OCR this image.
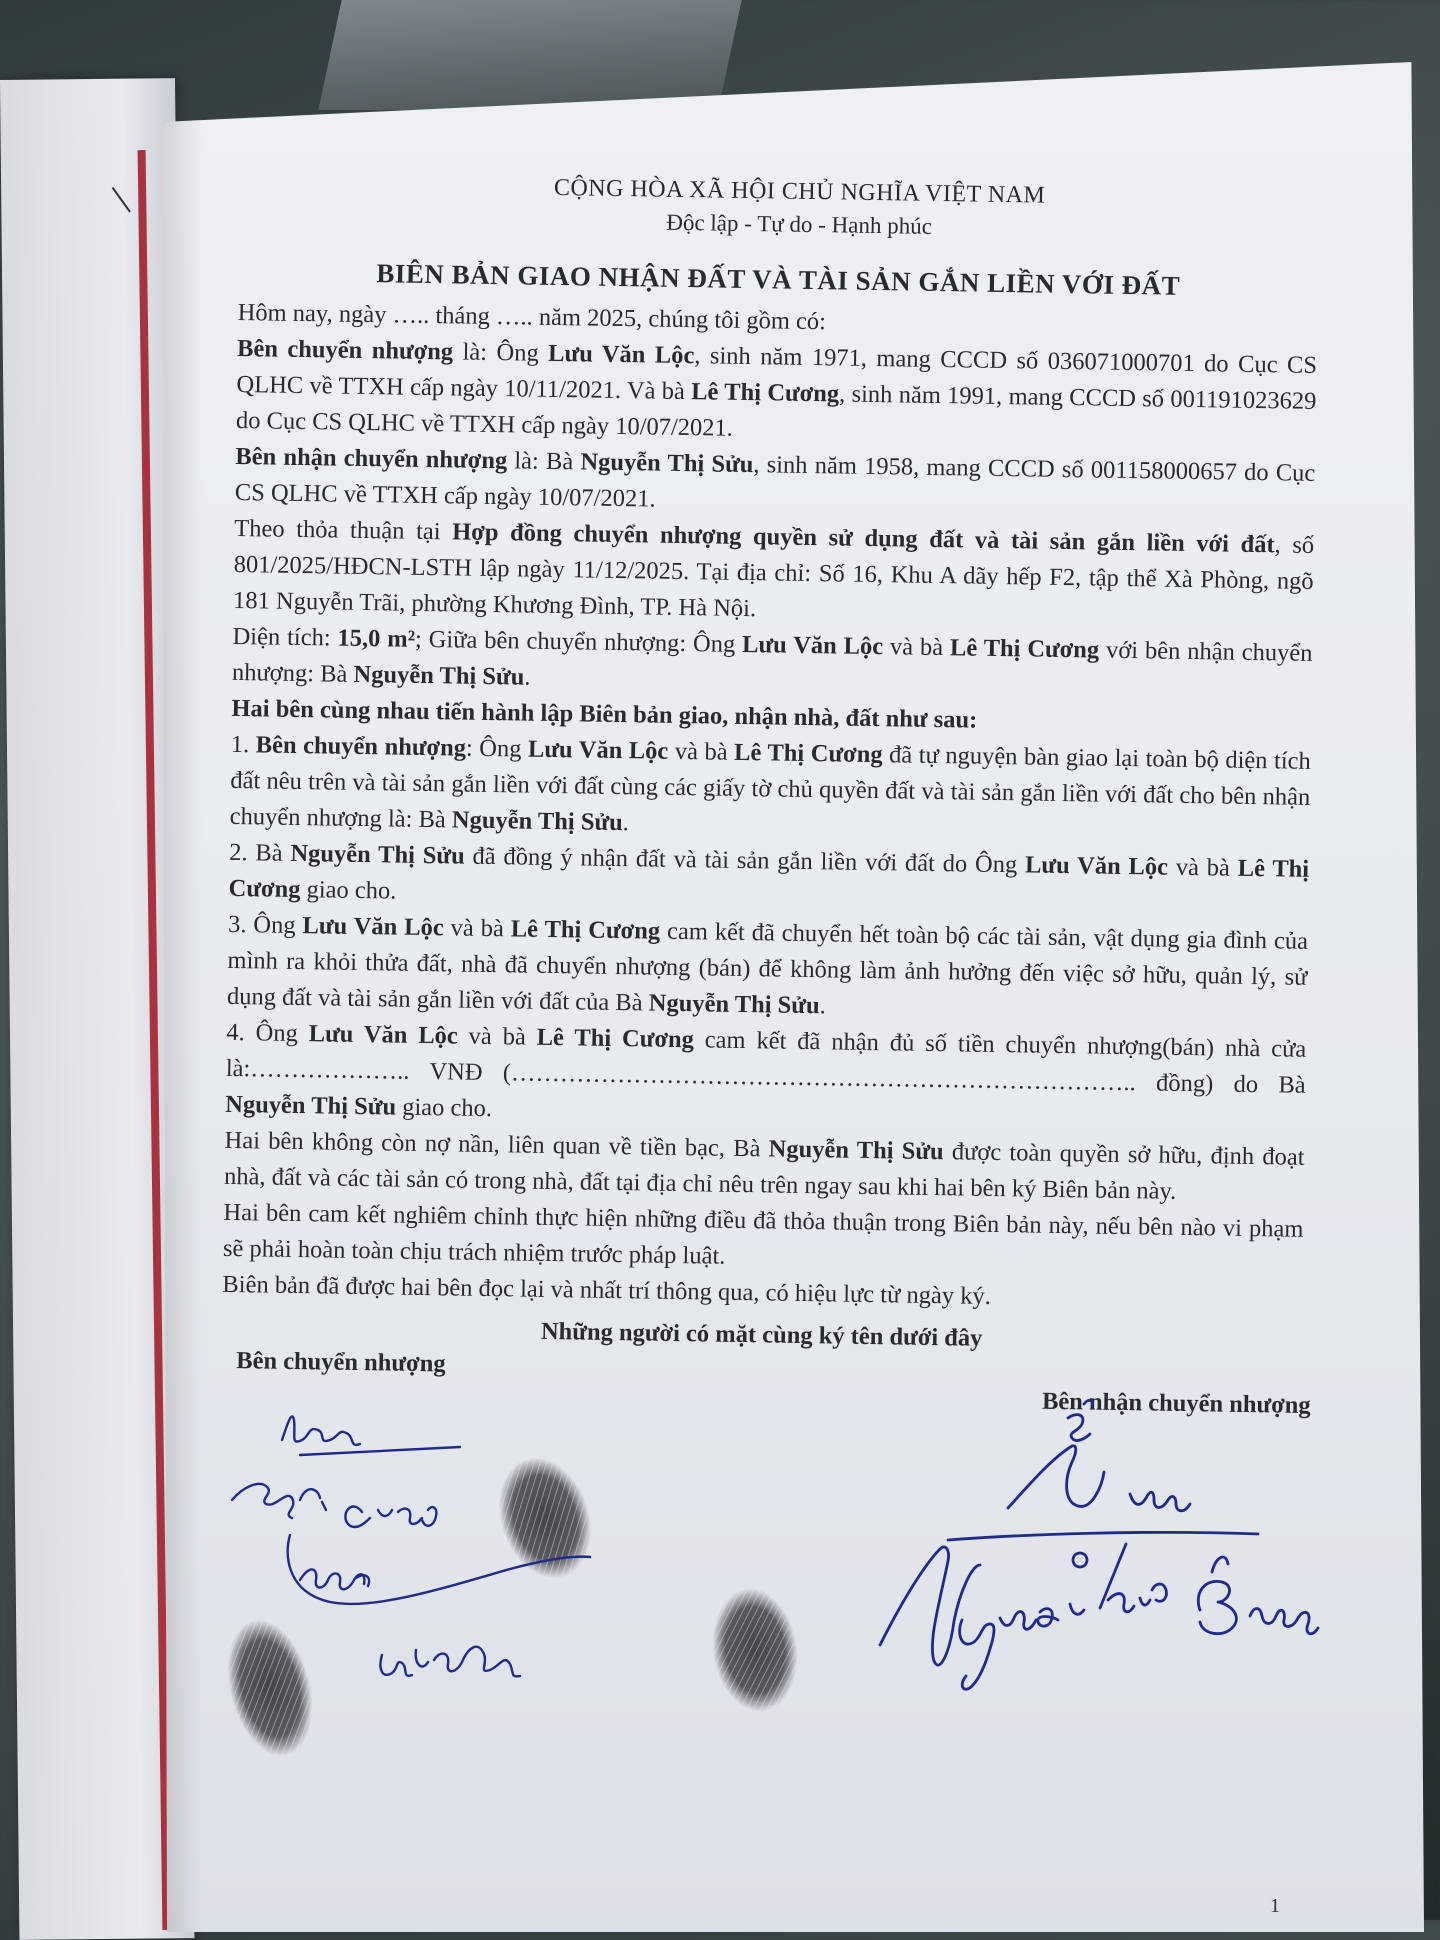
CỘNG HÒA XÃ HỘI CHỦ NGHĨA VIỆT NAM
Độc lập - Tự do - Hạnh phúc
BIÊN BẢN GIAO NHẬN ĐẤT VÀ TÀI SẢN GẮN LIỀN VỚI ĐẤT

Hôm nay, ngày ….. tháng ….. năm 2025, chúng tôi gồm có:

Bên chuyển nhượng là: Ông Lưu Văn Lộc, sinh năm 1971, mang CCCD số 036071000701 do Cục CS QLHC về TTXH cấp ngày 10/11/2021. Và bà Lê Thị Cương, sinh năm 1991, mang CCCD số 001191023629 do Cục CS QLHC về TTXH cấp ngày 10/07/2021.

Bên nhận chuyển nhượng là: Bà Nguyễn Thị Sửu, sinh năm 1958, mang CCCD số 001158000657 do Cục CS QLHC về TTXH cấp ngày 10/07/2021.

Theo thỏa thuận tại Hợp đồng chuyển nhượng quyền sử dụng đất và tài sản gắn liền với đất, số 801/2025/HĐCN-LSTH lập ngày 11/12/2025. Tại địa chỉ: Số 16, Khu A dãy hếp F2, tập thể Xà Phòng, ngõ 181 Nguyễn Trãi, phường Khương Đình, TP. Hà Nội.

Diện tích: 15,0 m²; Giữa bên chuyển nhượng: Ông Lưu Văn Lộc và bà Lê Thị Cương với bên nhận chuyển nhượng: Bà Nguyễn Thị Sửu.

Hai bên cùng nhau tiến hành lập Biên bản giao, nhận nhà, đất như sau:

1. Bên chuyển nhượng: Ông Lưu Văn Lộc và bà Lê Thị Cương đã tự nguyện bàn giao lại toàn bộ diện tích đất nêu trên và tài sản gắn liền với đất cùng các giấy tờ chủ quyền đất và tài sản gắn liền với đất cho bên nhận chuyển nhượng là: Bà Nguyễn Thị Sửu.

2. Bà Nguyễn Thị Sửu đã đồng ý nhận đất và tài sản gắn liền với đất do Ông Lưu Văn Lộc và bà Lê Thị Cương giao cho.

3. Ông Lưu Văn Lộc và bà Lê Thị Cương cam kết đã chuyển hết toàn bộ các tài sản, vật dụng gia đình của mình ra khỏi thửa đất, nhà đã chuyển nhượng (bán) để không làm ảnh hưởng đến việc sở hữu, quản lý, sử dụng đất và tài sản gắn liền với đất của Bà Nguyễn Thị Sửu.

4. Ông Lưu Văn Lộc và bà Lê Thị Cương cam kết đã nhận đủ số tiền chuyển nhượng(bán) nhà cửa là:……………….. VNĐ (………………………………………………………………….. đồng) do Bà Nguyễn Thị Sửu giao cho.

Hai bên không còn nợ nần, liên quan về tiền bạc, Bà Nguyễn Thị Sửu được toàn quyền sở hữu, định đoạt nhà, đất và các tài sản có trong nhà, đất tại địa chỉ nêu trên ngay sau khi hai bên ký Biên bản này.

Hai bên cam kết nghiêm chỉnh thực hiện những điều đã thỏa thuận trong Biên bản này, nếu bên nào vi phạm sẽ phải hoàn toàn chịu trách nhiệm trước pháp luật.

Biên bản đã được hai bên đọc lại và nhất trí thông qua, có hiệu lực từ ngày ký.

Những người có mặt cùng ký tên dưới đây
Bên chuyển nhượng
Bên nhận chuyển nhượng
1
